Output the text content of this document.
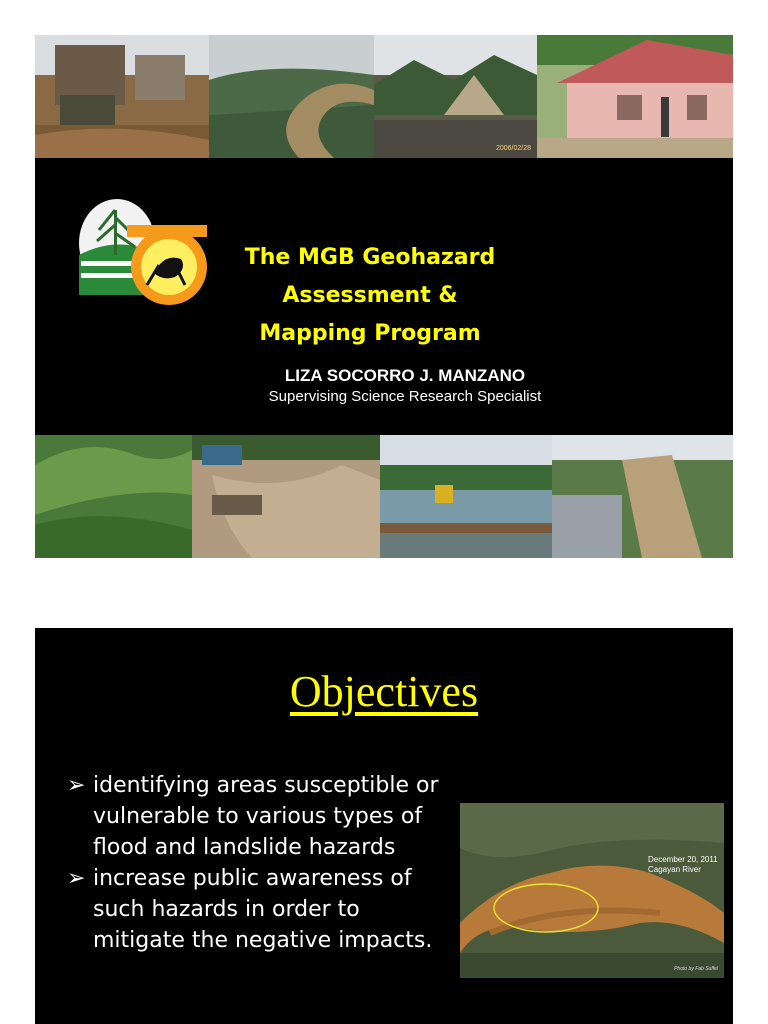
2006/02/28
The MGB Geohazard Assessment &
Mapping Program

LIZA SOCORRO J. MANZANO
Supervising Science Research Specialist

Objectives
➢ identifying areas susceptible or vulnerable to various types of flood and landslide hazards
➢ increase public awareness of such hazards in order to mitigate the negative impacts.
December 20, 2011
Cagayan River
Photo by Fab Suffel
